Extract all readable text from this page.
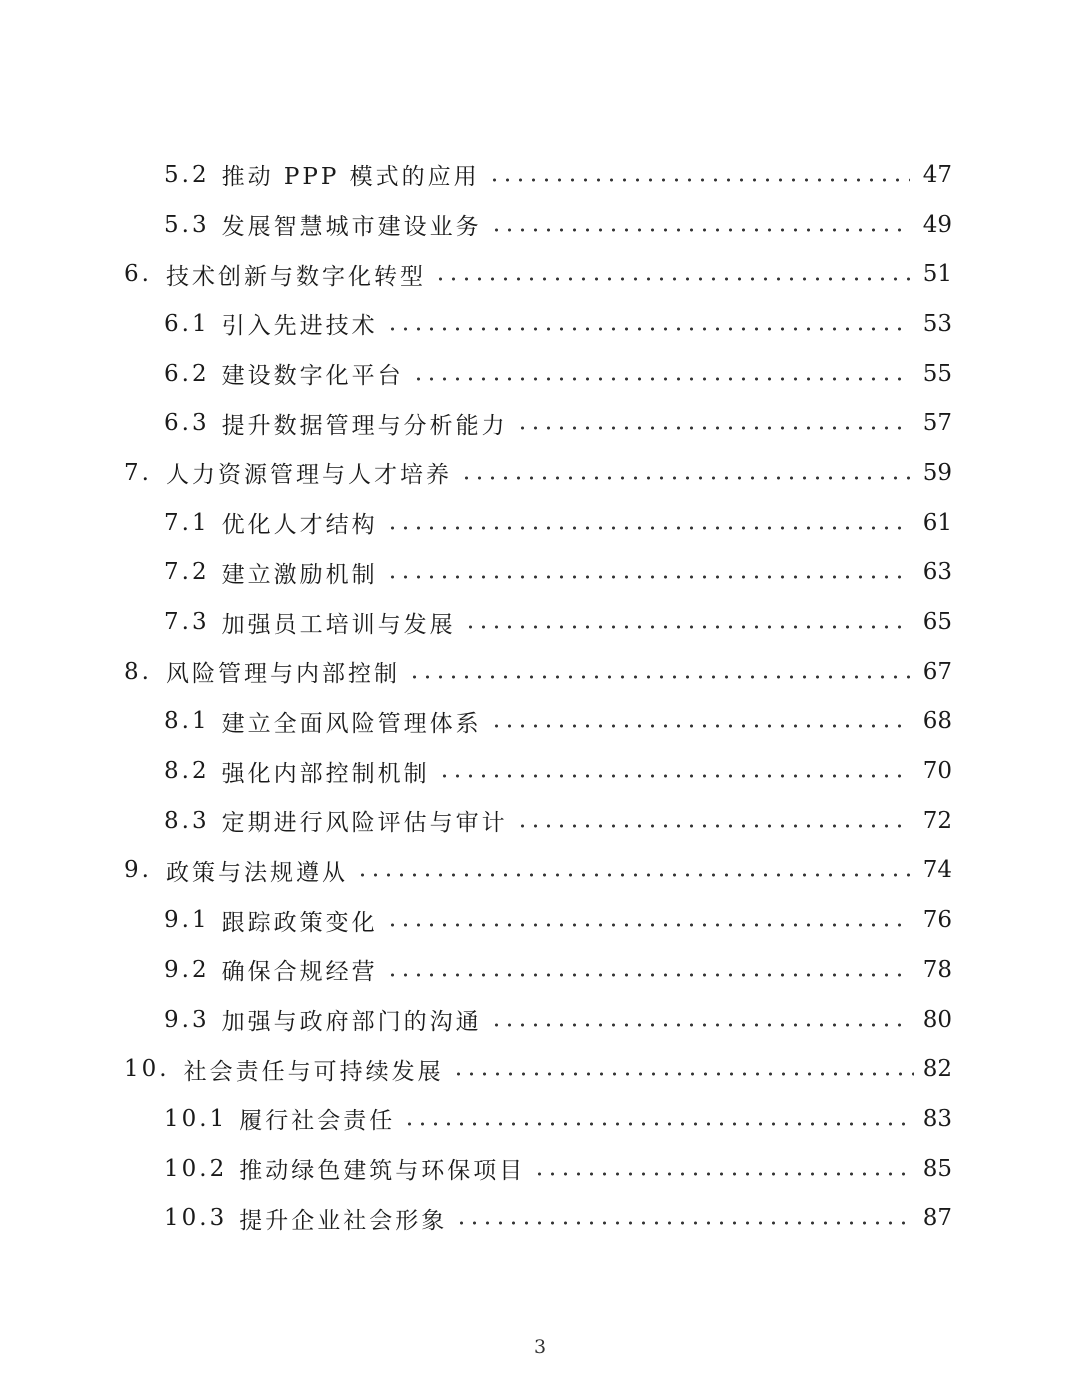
5.2 推动 PPP 模式的应用	47
5.3 发展智慧城市建设业务	49
6. 技术创新与数字化转型	51
6.1 引入先进技术	53
6.2 建设数字化平台	55
6.3 提升数据管理与分析能力	57
7. 人力资源管理与人才培养	59
7.1 优化人才结构	61
7.2 建立激励机制	63
7.3 加强员工培训与发展	65
8. 风险管理与内部控制	67
8.1 建立全面风险管理体系	68
8.2 强化内部控制机制	70
8.3 定期进行风险评估与审计	72
9. 政策与法规遵从	74
9.1 跟踪政策变化	76
9.2 确保合规经营	78
9.3 加强与政府部门的沟通	80
10. 社会责任与可持续发展	82
10.1 履行社会责任	83
10.2 推动绿色建筑与环保项目	85
10.3 提升企业社会形象	87
3
